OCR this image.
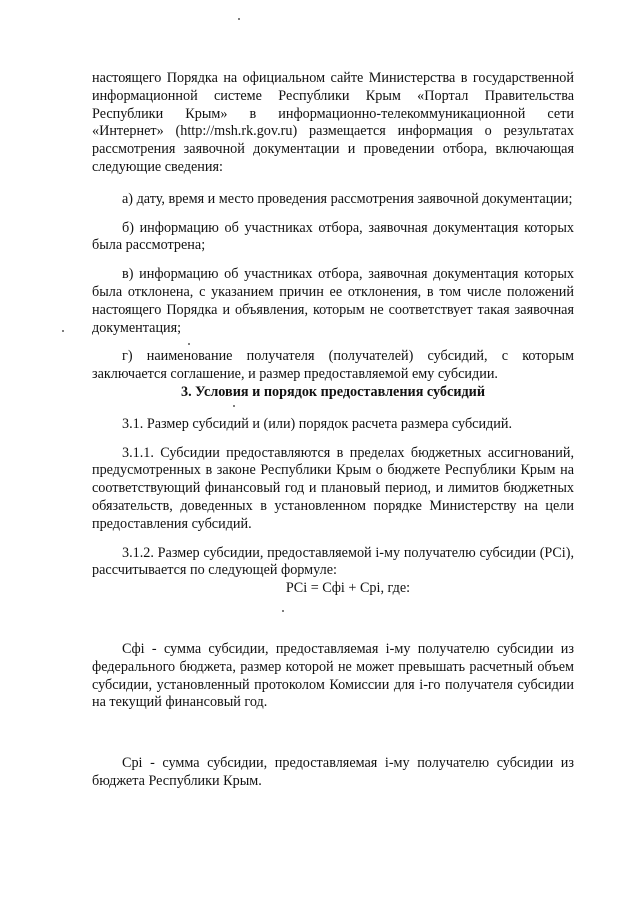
настоящего Порядка на официальном сайте Министерства в государственной информационной системе Республики Крым «Портал Правительства Республики Крым» в информационно-телекоммуникационной сети «Интернет» (http://msh.rk.gov.ru) размещается информация о результатах рассмотрения заявочной документации и проведении отбора, включающая следующие сведения:

а) дату, время и место проведения рассмотрения заявочной документации;

б) информацию об участниках отбора, заявочная документация которых была рассмотрена;

в) информацию об участниках отбора, заявочная документация которых была отклонена, с указанием причин ее отклонения, в том числе положений настоящего Порядка и объявления, которым не соответствует такая заявочная документация;

г) наименование получателя (получателей) субсидий, с которым заключается соглашение, и размер предоставляемой ему субсидии.

3. Условия и порядок предоставления субсидий

3.1. Размер субсидий и (или) порядок расчета размера субсидий.

3.1.1. Субсидии предоставляются в пределах бюджетных ассигнований, предусмотренных в законе Республики Крым о бюджете Республики Крым на соответствующий финансовый год и плановый период, и лимитов бюджетных обязательств, доведенных в установленном порядке Министерству на цели предоставления субсидий.

3.1.2. Размер субсидии, предоставляемой i-му получателю субсидии (PCi), рассчитывается по следующей формуле:

PCi = Cфi + Cpi, где:

Cфi - сумма субсидии, предоставляемая i-му получателю субсидии из федерального бюджета, размер которой не может превышать расчетный объем субсидии, установленный протоколом Комиссии для i-го получателя субсидии на текущий финансовый год.

Cpi - сумма субсидии, предоставляемая i-му получателю субсидии из бюджета Республики Крым.
